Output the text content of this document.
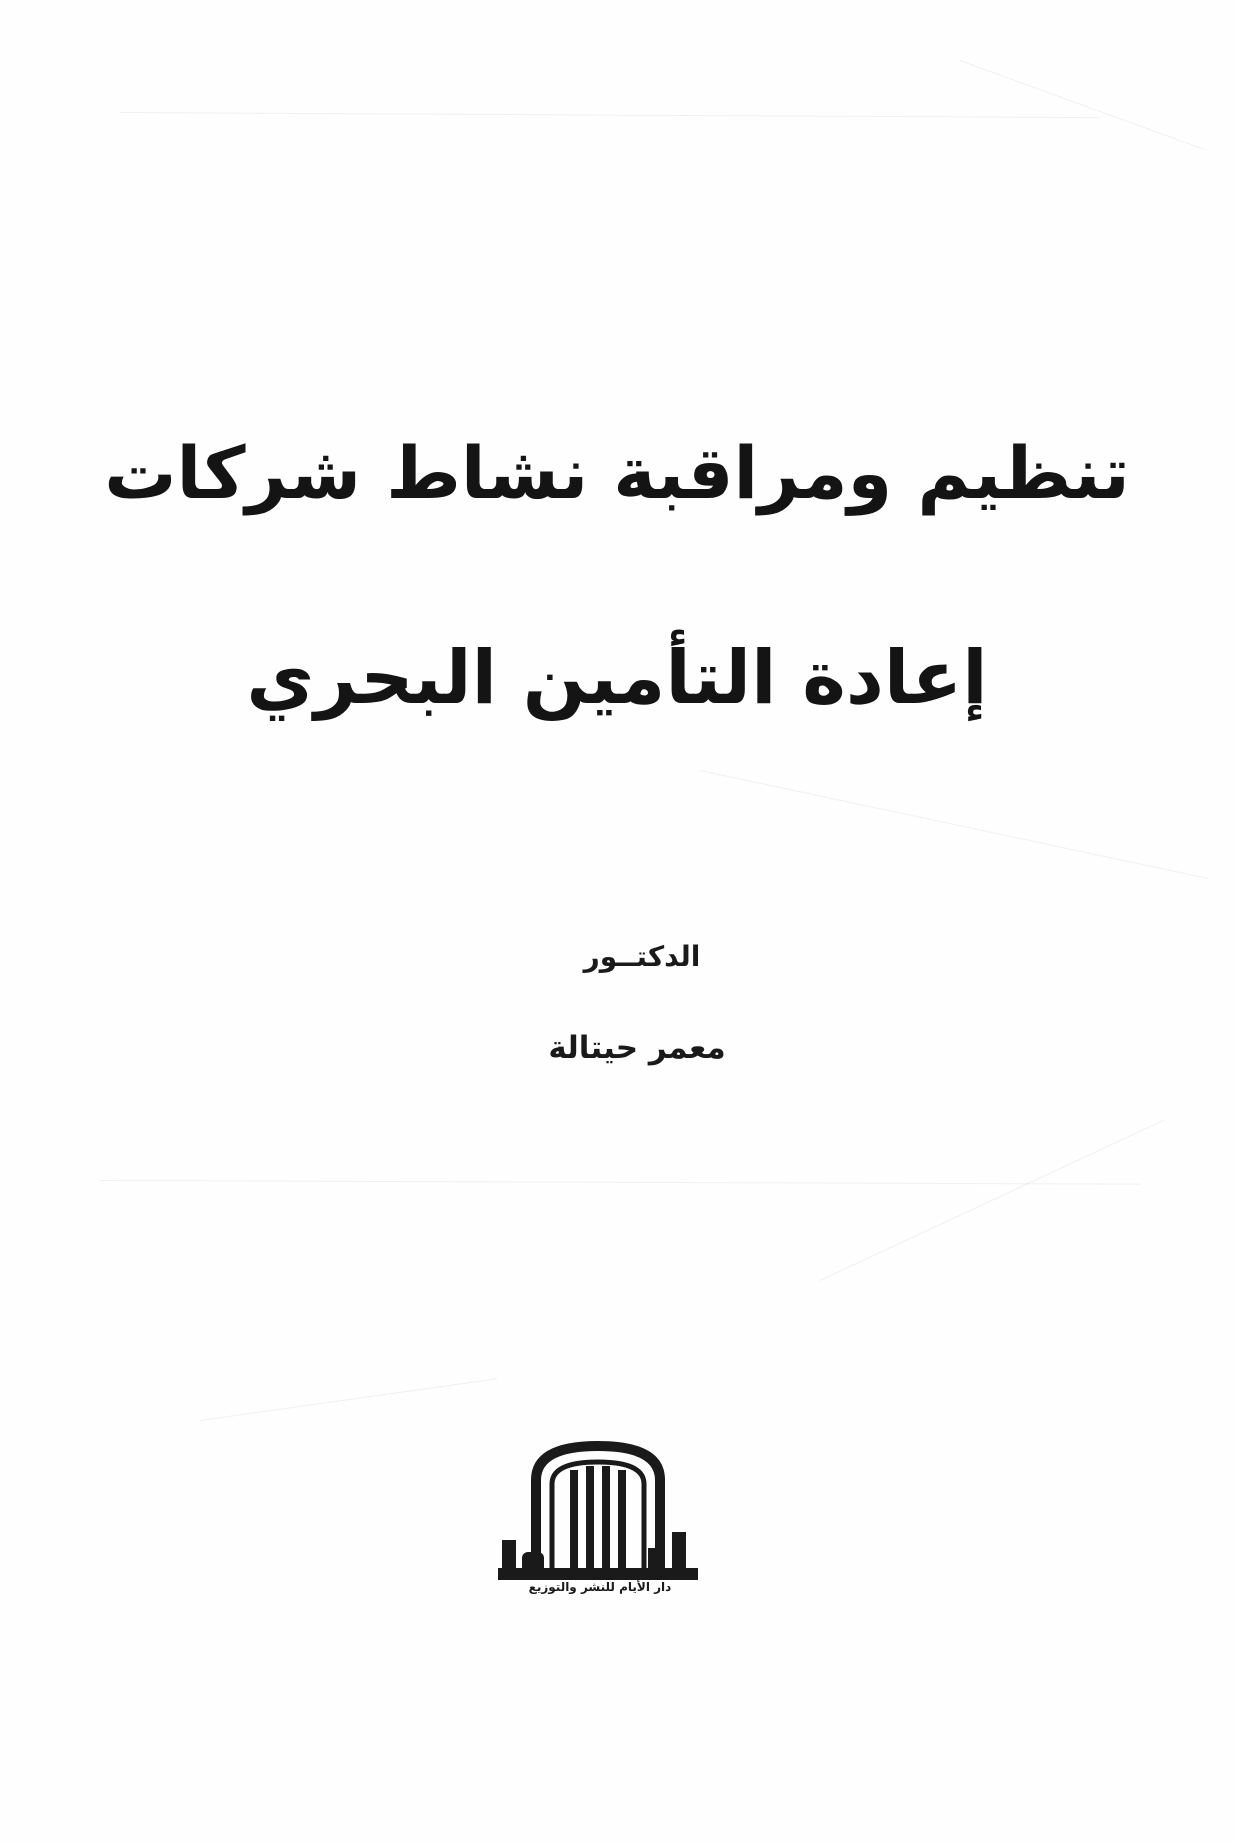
تنظيم ومراقبة نشاط شركات
إعادة التأمين البحري
الدكتــور
معمر حيتالة
دار الأيام للنشر والتوزيع
